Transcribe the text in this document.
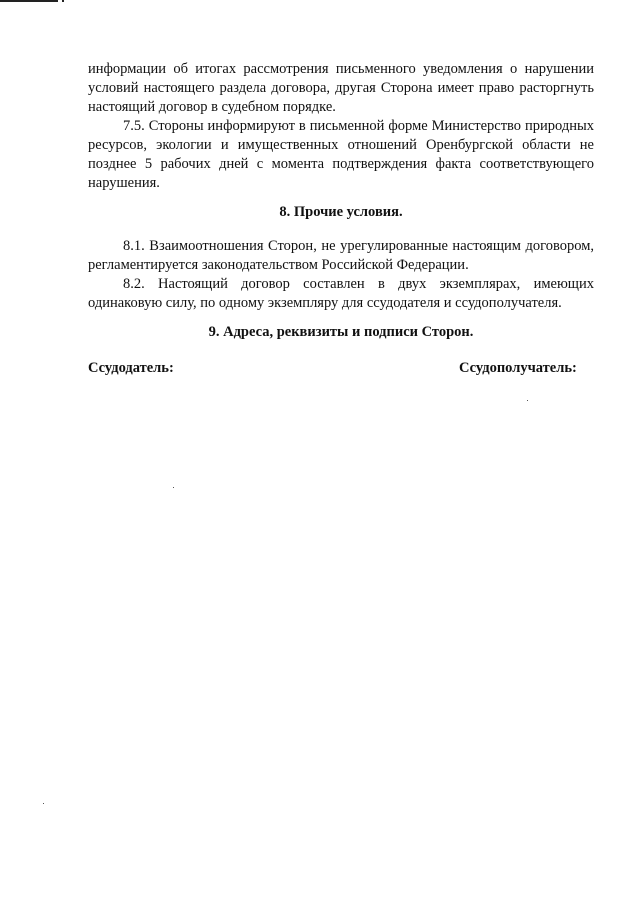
информации об итогах рассмотрения письменного уведомления о нарушении условий настоящего раздела договора, другая Сторона имеет право расторгнуть настоящий договор в судебном порядке.

7.5. Стороны информируют в письменной форме Министерство природных ресурсов, экологии и имущественных отношений Оренбургской области не позднее 5 рабочих дней с момента подтверждения факта соответствующего нарушения.

8. Прочие условия.

8.1. Взаимоотношения Сторон, не урегулированные настоящим договором, регламентируется законодательством Российской Федерации.

8.2. Настоящий договор составлен в двух экземплярах, имеющих одинаковую силу, по одному экземпляру для ссудодателя и ссудополучателя.

9. Адреса, реквизиты и подписи Сторон.
Ссудодатель:	Ссудополучатель:
